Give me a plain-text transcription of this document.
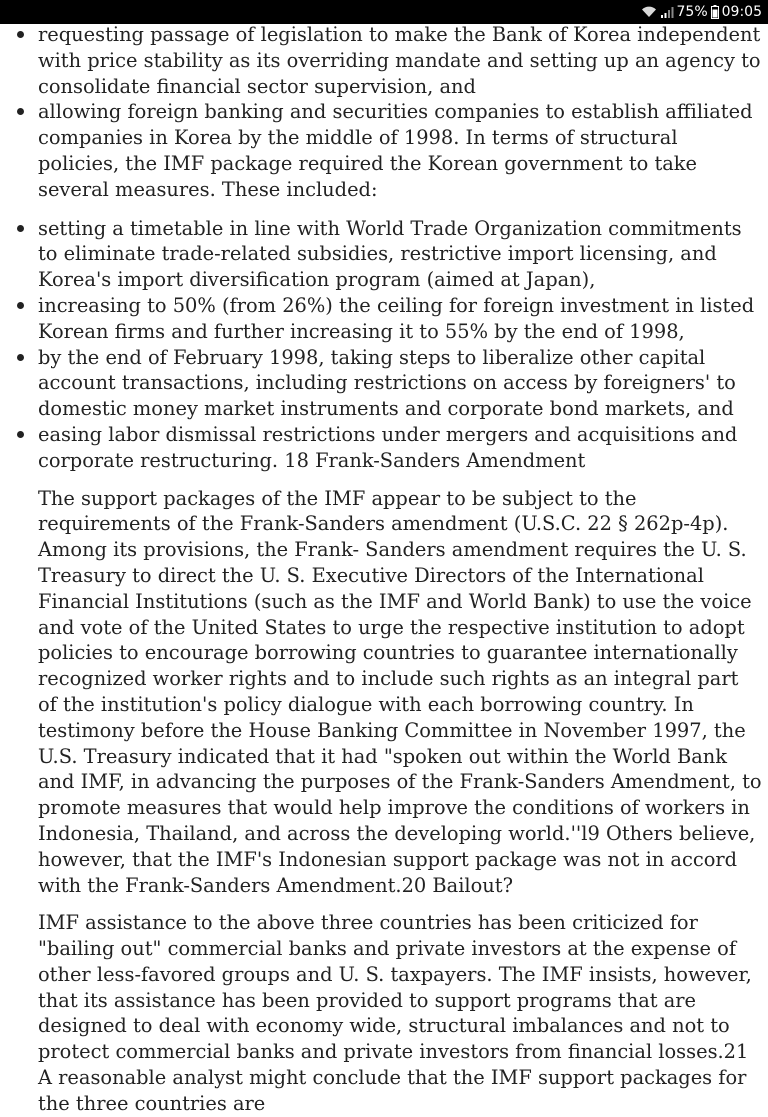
75% 09:05
requesting passage of legislation to make the Bank of Korea independent with price stability as its overriding mandate and setting up an agency to consolidate financial sector supervision, and
allowing foreign banking and securities companies to establish affiliated companies in Korea by the middle of 1998. In terms of structural policies, the IMF package required the Korean government to take several measures. These included:
setting a timetable in line with World Trade Organization commitments to eliminate trade-related subsidies, restrictive import licensing, and Korea's import diversification program (aimed at Japan),
increasing to 50% (from 26%) the ceiling for foreign investment in listed Korean firms and further increasing it to 55% by the end of 1998,
by the end of February 1998, taking steps to liberalize other capital account transactions, including restrictions on access by foreigners' to domestic money market instruments and corporate bond markets, and
easing labor dismissal restrictions under mergers and acquisitions and corporate restructuring. 18 Frank-Sanders Amendment

The support packages of the IMF appear to be subject to the requirements of the Frank-Sanders amendment (U.S.C. 22 § 262p-4p). Among its provisions, the Frank- Sanders amendment requires the U. S. Treasury to direct the U. S. Executive Directors of the International Financial Institutions (such as the IMF and World Bank) to use the voice and vote of the United States to urge the respective institution to adopt policies to encourage borrowing countries to guarantee internationally recognized worker rights and to include such rights as an integral part of the institution's policy dialogue with each borrowing country. In testimony before the House Banking Committee in November 1997, the U.S. Treasury indicated that it had "spoken out within the World Bank and IMF, in advancing the purposes of the Frank-Sanders Amendment, to promote measures that would help improve the conditions of workers in Indonesia, Thailand, and across the developing world.''l9 Others believe, however, that the IMF's Indonesian support package was not in accord with the Frank-Sanders Amendment.20 Bailout?

IMF assistance to the above three countries has been criticized for "bailing out" commercial banks and private investors at the expense of other less-favored groups and U. S. taxpayers. The IMF insists, however, that its assistance has been provided to support programs that are designed to deal with economy wide, structural imbalances and not to protect commercial banks and private investors from financial losses.21 A reasonable analyst might conclude that the IMF support packages for the three countries are
